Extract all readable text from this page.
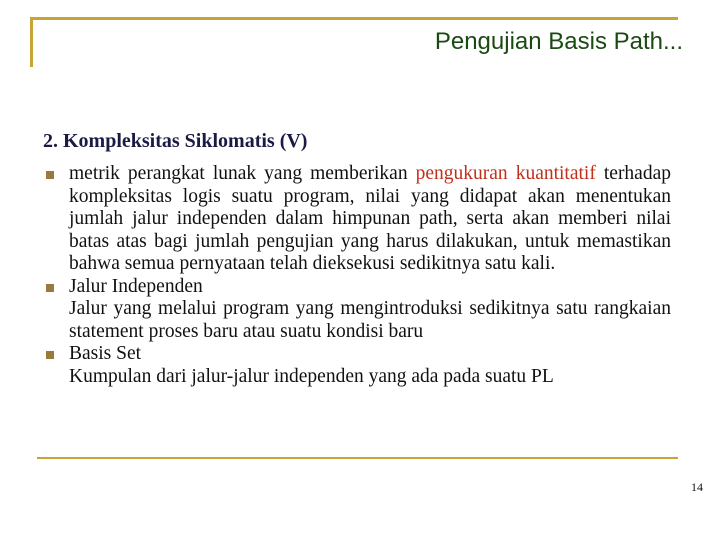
Pengujian Basis Path...
2. Kompleksitas Siklomatis (V)
metrik perangkat lunak yang memberikan pengukuran kuantitatif terhadap kompleksitas logis suatu program, nilai yang didapat akan menentukan jumlah jalur independen dalam himpunan path, serta akan memberi nilai batas atas bagi jumlah pengujian yang harus dilakukan, untuk memastikan bahwa semua pernyataan telah dieksekusi sedikitnya satu kali.
Jalur Independen
Jalur yang melalui program yang mengintroduksi sedikitnya satu rangkaian statement proses baru atau suatu kondisi baru
Basis Set
Kumpulan dari jalur-jalur independen yang ada pada suatu PL
14
